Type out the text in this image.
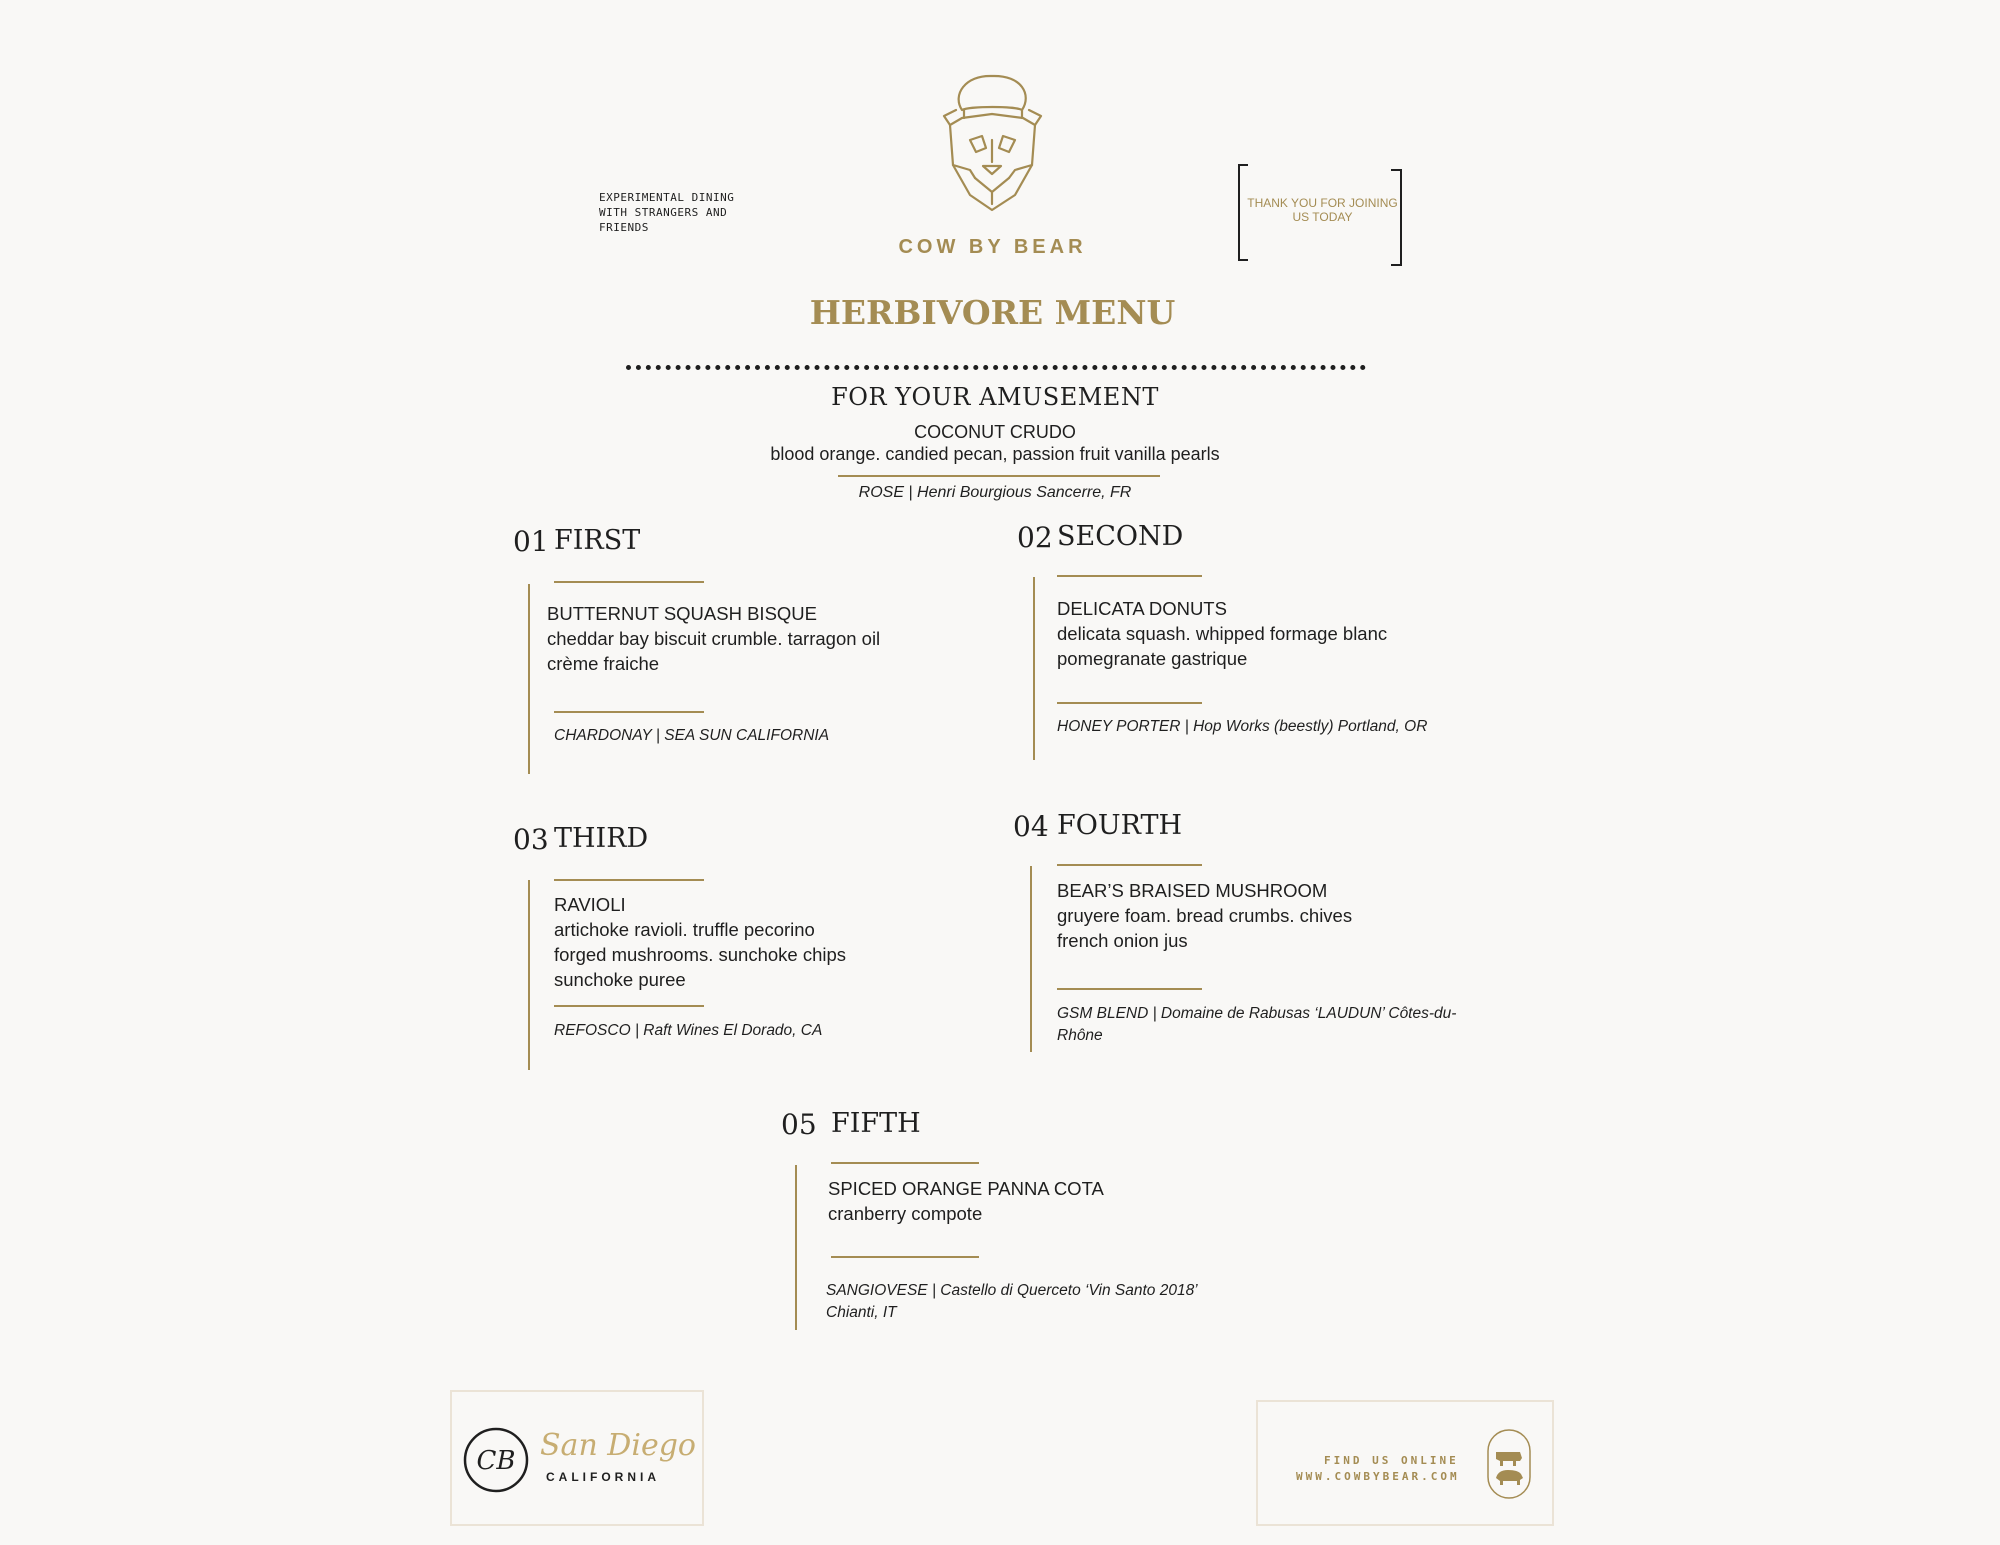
EXPERIMENTAL DINING
WITH STRANGERS AND
FRIENDS
COW BY BEAR
THANK YOU FOR JOINING US TODAY
HERBIVORE MENU
FOR YOUR AMUSEMENT
COCONUT CRUDO
blood orange. candied pecan, passion fruit vanilla pearls
ROSE | Henri Bourgious Sancerre, FR
01 FIRST
BUTTERNUT SQUASH BISQUE
cheddar bay biscuit crumble. tarragon oil
crème fraiche
CHARDONAY | SEA SUN CALIFORNIA
02 SECOND
DELICATA DONUTS
delicata squash. whipped formage blanc
pomegranate gastrique
HONEY PORTER | Hop Works (beestly) Portland, OR
03 THIRD
RAVIOLI
artichoke ravioli. truffle pecorino
forged mushrooms. sunchoke chips
sunchoke puree
REFOSCO | Raft Wines El Dorado, CA
04 FOURTH
BEAR’S BRAISED MUSHROOM
gruyere foam. bread crumbs. chives
french onion jus
GSM BLEND | Domaine de Rabusas ‘LAUDUN’ Côtes-du-Rhône
05 FIFTH
SPICED ORANGE PANNA COTA
cranberry compote
SANGIOVESE | Castello di Querceto ‘Vin Santo 2018’ Chianti, IT
CB San Diego
CALIFORNIA
FIND US ONLINE
WWW.COWBYBEAR.COM
